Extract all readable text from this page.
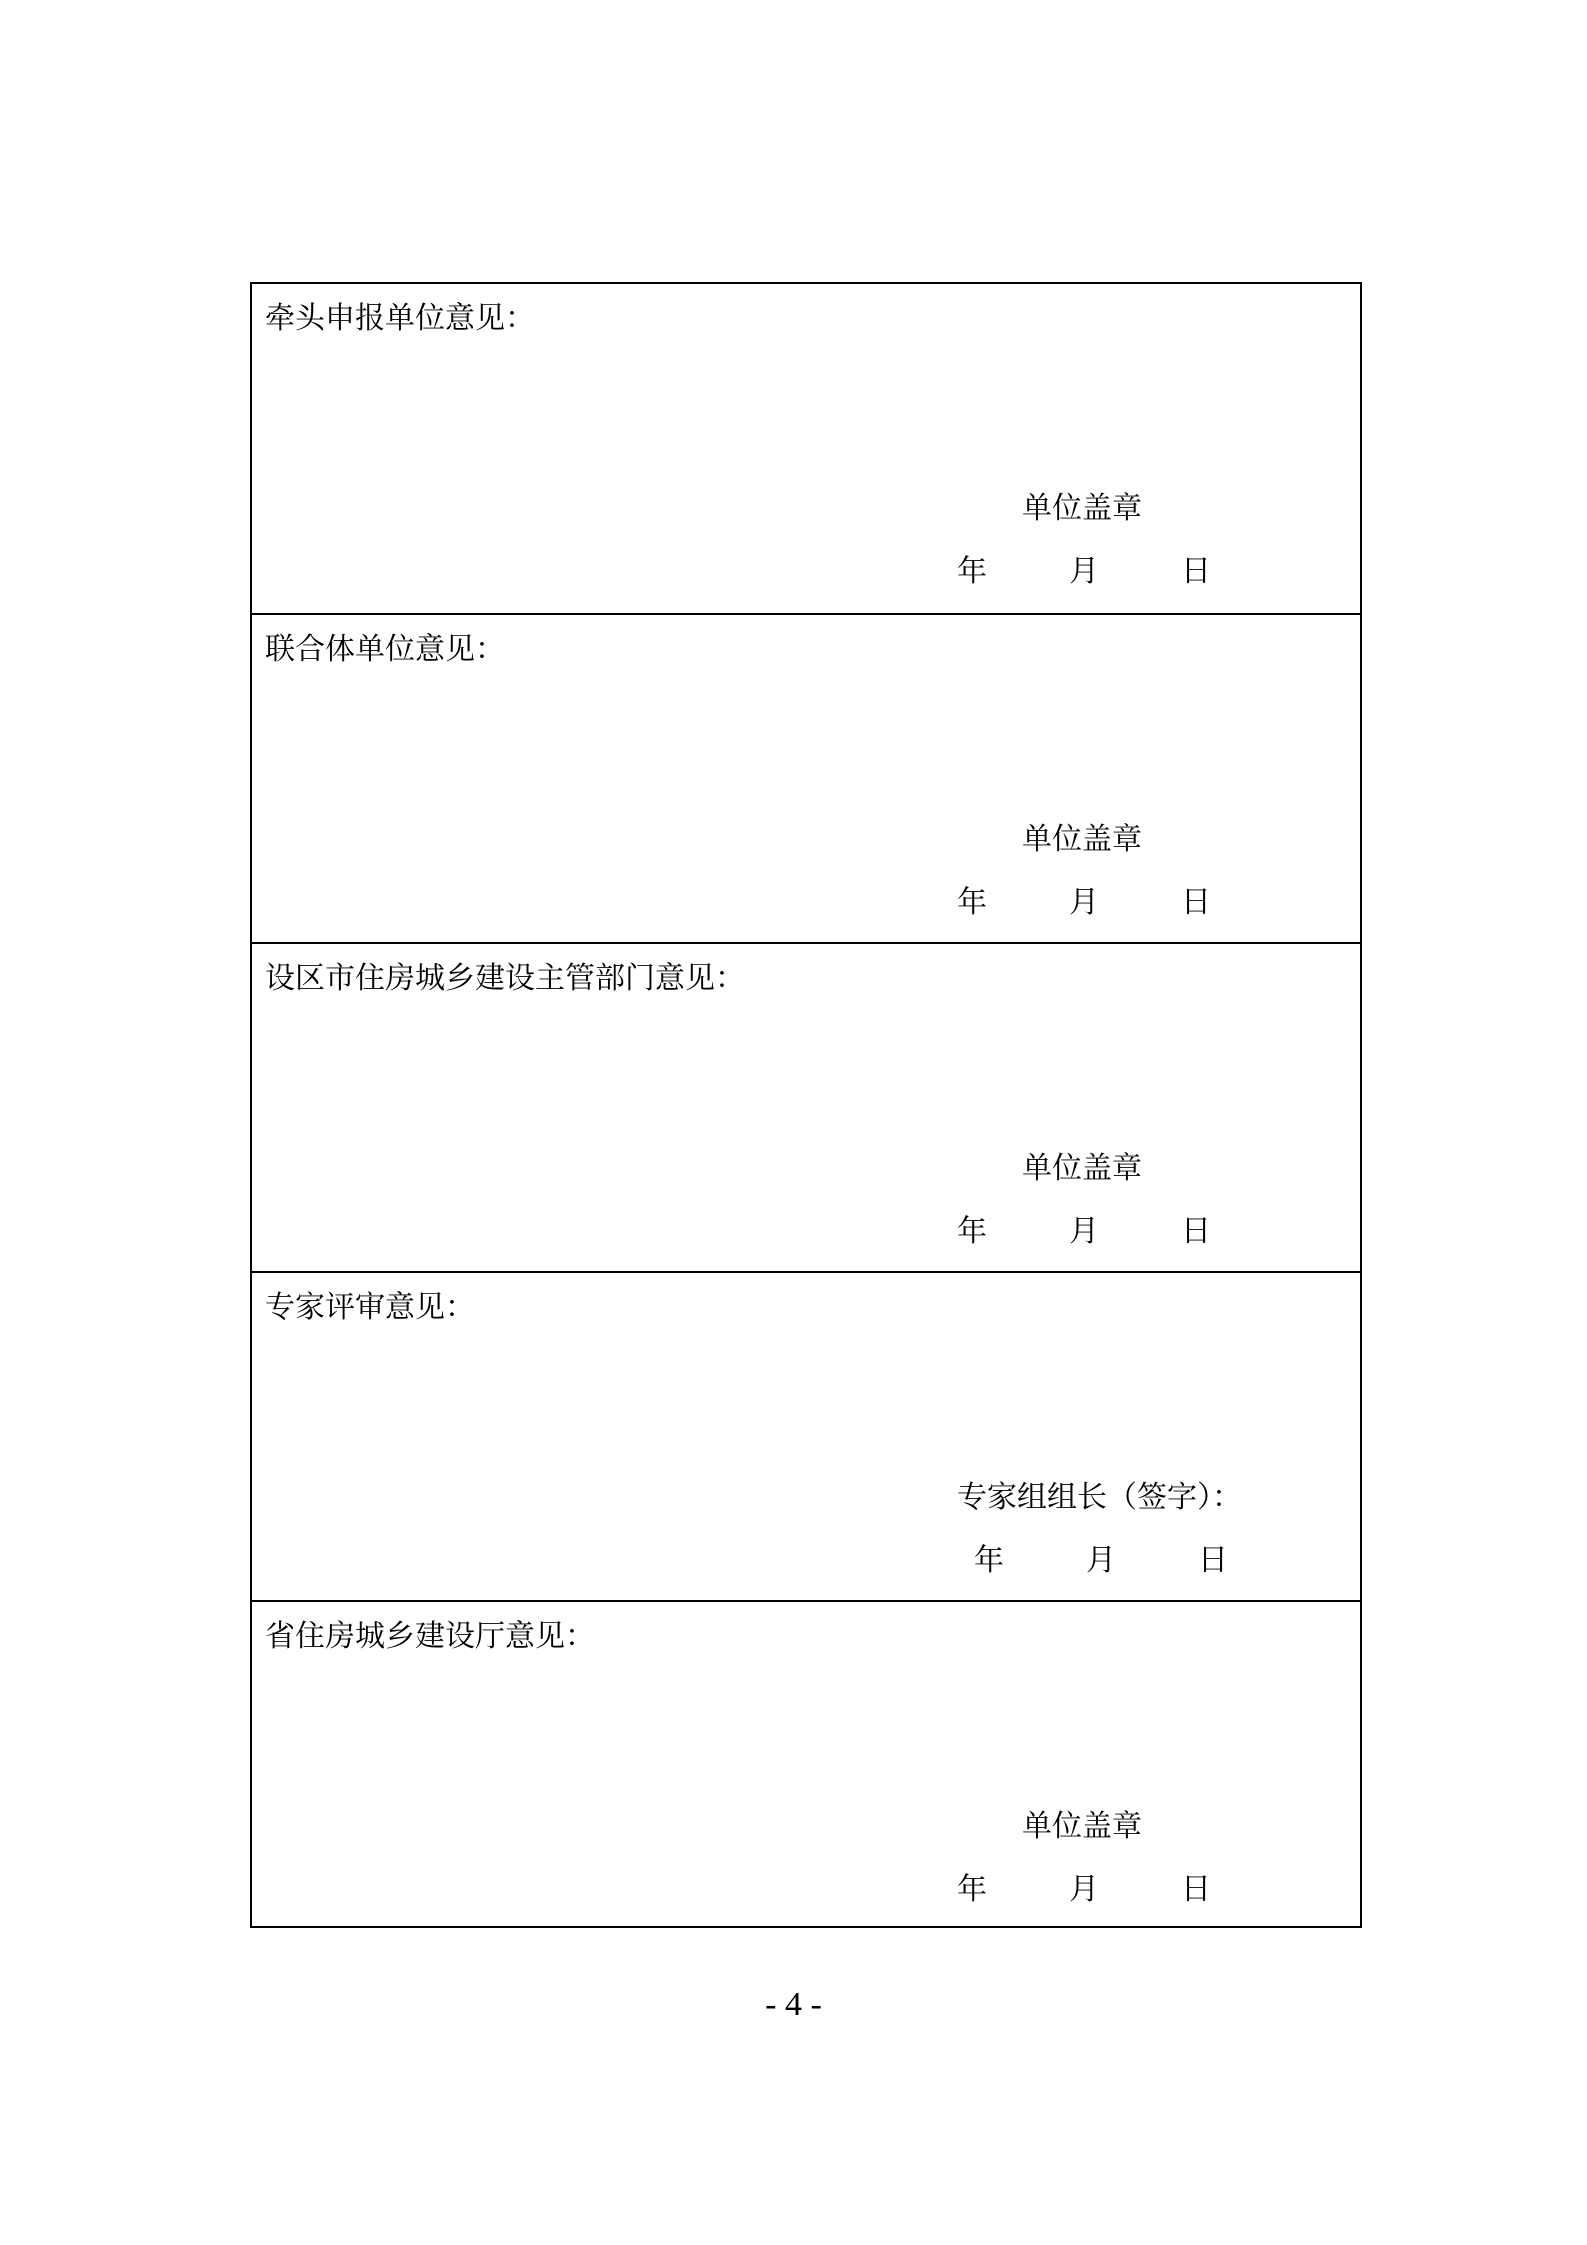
牵头申报单位意见：
单位盖章
年	月	日
联合体单位意见：
单位盖章
年	月	日
设区市住房城乡建设主管部门意见：
单位盖章
年	月	日
专家评审意见：
专家组组长（签字）：
年	月	日
省住房城乡建设厅意见：
单位盖章
年	月	日
- 4 -
